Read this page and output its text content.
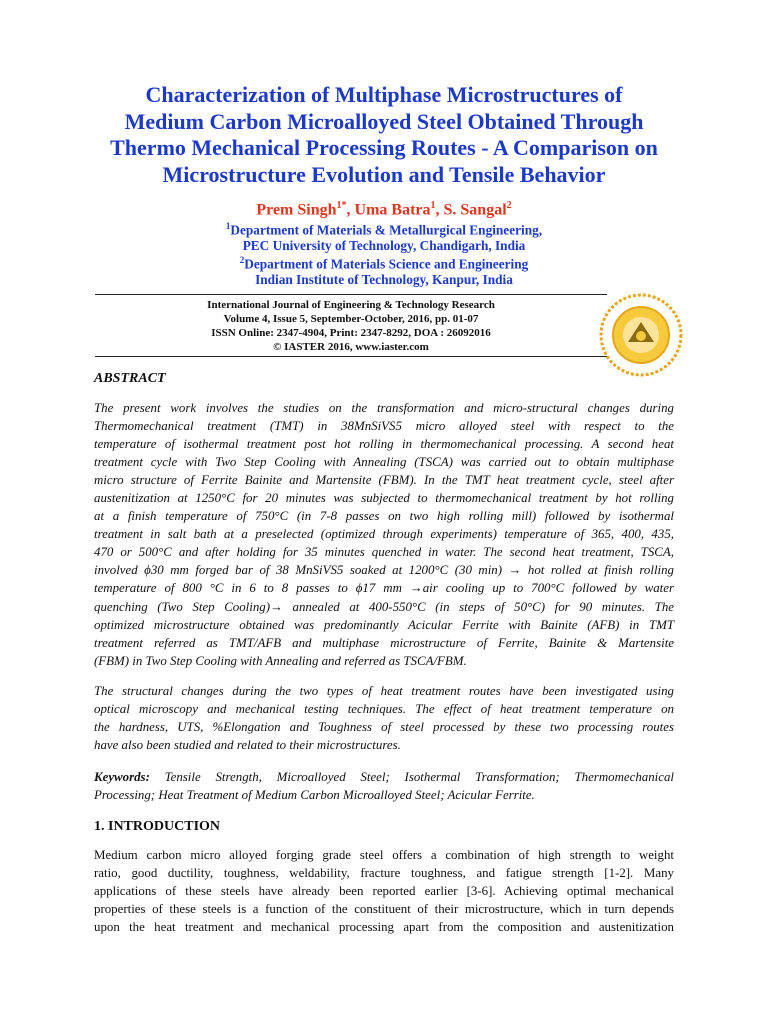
Characterization of Multiphase Microstructures of
Medium Carbon Microalloyed Steel Obtained Through
Thermo Mechanical Processing Routes - A Comparison on
Microstructure Evolution and Tensile Behavior
Prem Singh$^{1*}$, Uma Batra$^1$, S. Sangal$^2$
$^1$Department of Materials & Metallurgical Engineering,
PEC University of Technology, Chandigarh, India
$^2$Department of Materials Science and Engineering
Indian Institute of Technology, Kanpur, India
International Journal of Engineering & Technology Research
Volume 4, Issue 5, September-October, 2016, pp. 01-07
ISSN Online: 2347-4904, Print: 2347-8292, DOA : 26092016
© IASTER 2016, www.iaster.com
ABSTRACT
The present work involves the studies on the transformation and micro-structural changes during
Thermomechanical treatment (TMT) in 38MnSiVS5 micro alloyed steel with respect to the
temperature of isothermal treatment post hot rolling in thermomechanical processing. A second heat
treatment cycle with Two Step Cooling with Annealing (TSCA) was carried out to obtain multiphase
micro structure of Ferrite Bainite and Martensite (FBM). In the TMT heat treatment cycle, steel after
austenitization at 1250°C for 20 minutes was subjected to thermomechanical treatment by hot rolling
at a finish temperature of 750°C (in 7-8 passes on two high rolling mill) followed by isothermal
treatment in salt bath at a preselected (optimized through experiments) temperature of 365, 400, 435,
470 or 500°C and after holding for 35 minutes quenched in water. The second heat treatment, TSCA,
involved ϕ30 mm forged bar of 38 MnSiVS5 soaked at 1200°C (30 min) → hot rolled at finish rolling
temperature of 800 °C in 6 to 8 passes to ϕ17 mm →air cooling up to 700°C followed by water
quenching (Two Step Cooling)→ annealed at 400-550°C (in steps of 50°C) for 90 minutes. The
optimized microstructure obtained was predominantly Acicular Ferrite with Bainite (AFB) in TMT
treatment referred as TMT/AFB and multiphase microstructure of Ferrite, Bainite & Martensite
(FBM) in Two Step Cooling with Annealing and referred as TSCA/FBM.
The structural changes during the two types of heat treatment routes have been investigated using
optical microscopy and mechanical testing techniques. The effect of heat treatment temperature on
the hardness, UTS, %Elongation and Toughness of steel processed by these two processing routes
have also been studied and related to their microstructures.
Keywords: Tensile Strength, Microalloyed Steel; Isothermal Transformation; Thermomechanical
Processing; Heat Treatment of Medium Carbon Microalloyed Steel; Acicular Ferrite.
1. INTRODUCTION
Medium carbon micro alloyed forging grade steel offers a combination of high strength to weight
ratio, good ductility, toughness, weldability, fracture toughness, and fatigue strength [1-2]. Many
applications of these steels have already been reported earlier [3-6]. Achieving optimal mechanical
properties of these steels is a function of the constituent of their microstructure, which in turn depends
upon the heat treatment and mechanical processing apart from the composition and austenitization
